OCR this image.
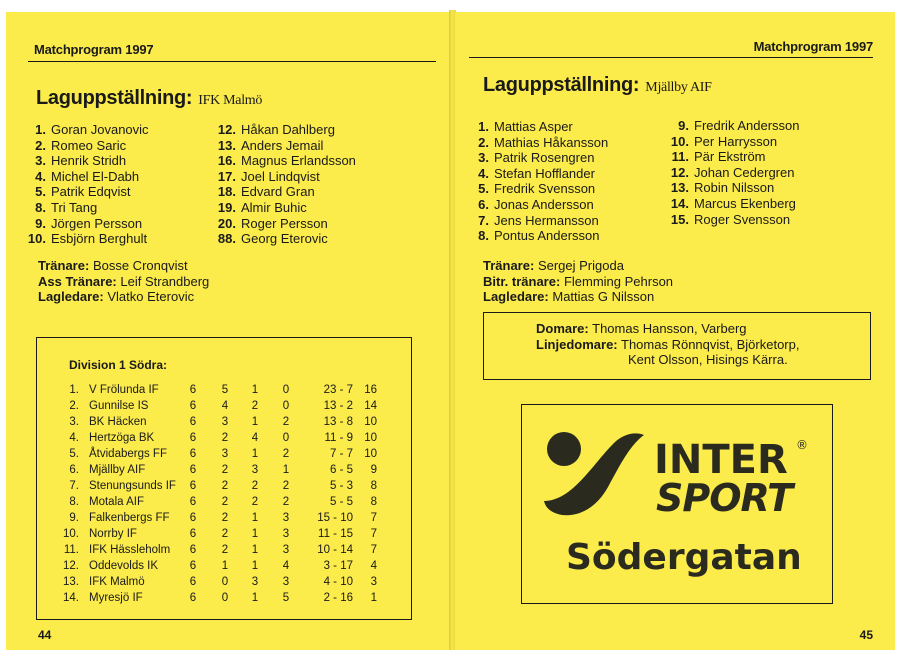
Matchprogram 1997
Laguppställning: IFK Malmö
1. Goran Jovanovic
2. Romeo Saric
3. Henrik Stridh
4. Michel El-Dabh
5. Patrik Edqvist
8. Tri Tang
9. Jörgen Persson
10. Esbjörn Berghult
12. Håkan Dahlberg
13. Anders Jemail
16. Magnus Erlandsson
17. Joel Lindqvist
18. Edvard Gran
19. Almir Buhic
20. Roger Persson
88. Georg Eterovic
Tränare: Bosse Cronqvist
Ass Tränare: Leif Strandberg
Lagledare: Vlatko Eterovic
Division 1 Södra:
1. V Frölunda IF	6 5 1 0	23 - 7 16
2. Gunnilse IS	6 4 2 0	13 - 2 14
3. BK Häcken	6 3 1 2	13 - 8 10
4. Hertzöga BK	6 2 4 0	11 - 9 10
5. Åtvidabergs FF 6 3 1 2	7 - 7 10
6. Mjällby AIF	6 2 3 1	6 - 5	9
7. Stenungsunds IF 6 2 2 2	5 - 3	8
8. Motala AIF	6 2 2 2	5 - 5	8
9. Falkenbergs FF 6 2 1 3	15 - 10	7
10. Norrby IF	6 2 1 3	11 - 15	7
11. IFK Hässleholm 6 2 1 3	10 - 14	7
12. Oddevolds IK	6 1 1 4	3 - 17	4
13. IFK Malmö	6 0 3 3	4 - 10	3
14. Myresjö IF	6 0 1 5	2 - 16	1
44
Matchprogram 1997
Laguppställning: Mjällby AIF
1. Mattias Asper
2. Mathias Håkansson
3. Patrik Rosengren
4. Stefan Hofflander
5. Fredrik Svensson
6. Jonas Andersson
7. Jens Hermansson
8. Pontus Andersson
9. Fredrik Andersson
10. Per Harrysson
11. Pär Ekström
12. Johan Cedergren
13. Robin Nilsson
14. Marcus Ekenberg
15. Roger Svensson
Tränare: Sergej Prigoda
Bitr. tränare: Flemming Pehrson
Lagledare: Mattias G Nilsson
Domare: Thomas Hansson, Varberg
Linjedomare: Thomas Rönnqvist, Björketorp,
Kent Olsson, Hisings Kärra.
INTER ®
SPORT
Södergatan
45
